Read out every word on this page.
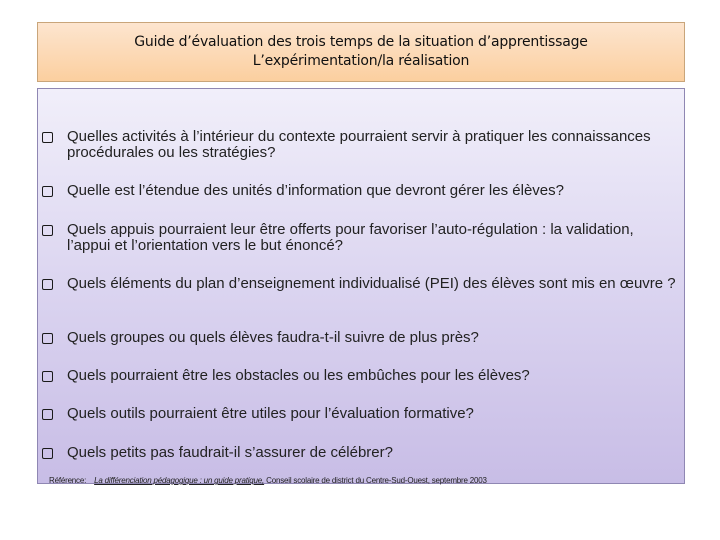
Guide d’évaluation des trois temps de la situation d’apprentissage
L’expérimentation/la réalisation
Quelles activités à l’intérieur du contexte pourraient servir à pratiquer les connaissances procédurales ou les stratégies?
Quelle est l’étendue des unités d’information que devront gérer les élèves?
Quels appuis pourraient leur être offerts pour favoriser l’auto-régulation : la validation, l’appui et l’orientation vers le but énoncé?
Quels éléments du plan d’enseignement individualisé (PEI) des élèves sont mis en œuvre ?
Quels groupes ou quels élèves faudra-t-il suivre de plus près?
Quels pourraient être les obstacles ou les embûches pour les élèves?
Quels outils pourraient être utiles pour l’évaluation formative?
Quels petits pas faudrait-il s’assurer de célébrer?
Référence: La différenciation pédagogique : un guide pratique, Conseil scolaire de district du Centre-Sud-Ouest, septembre 2003
